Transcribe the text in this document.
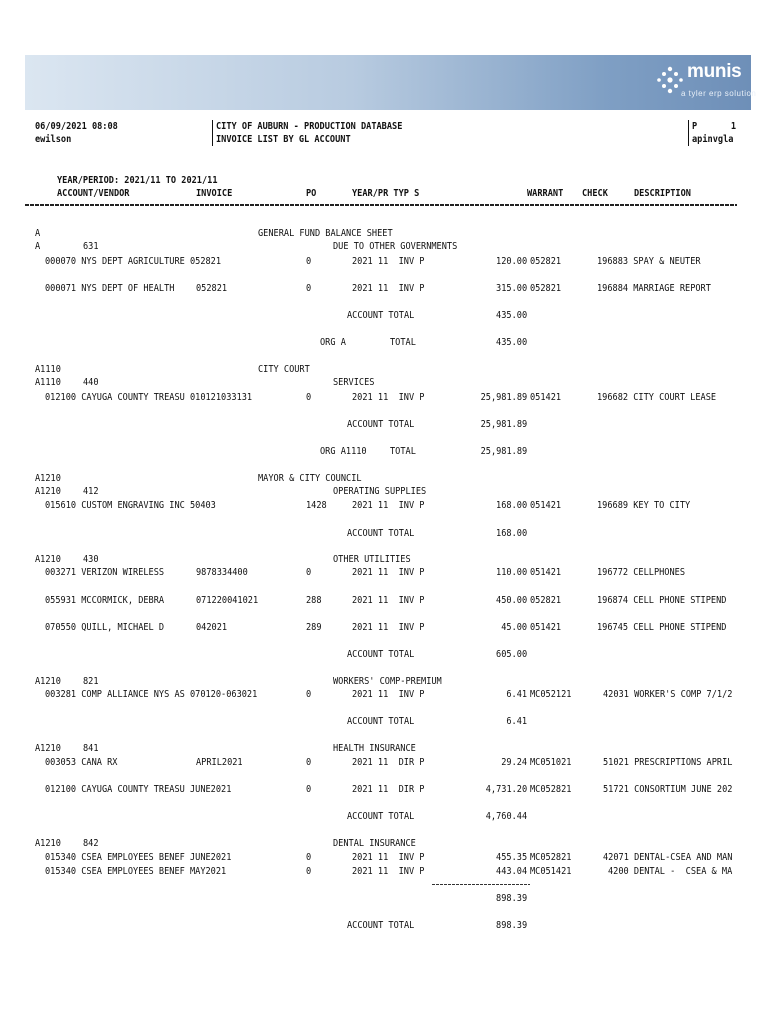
munis
a tyler erp solution
06/09/2021 08:08
ewilson
CITY OF AUBURN - PRODUCTION DATABASE
INVOICE LIST BY GL ACCOUNT
P	1
apinvgla
YEAR/PERIOD: 2021/11 TO 2021/11
ACCOUNT/VENDOR	INVOICE	PO	YEAR/PR TYP S	WARRANT CHECK	DESCRIPTION
A	GENERAL FUND BALANCE SHEET
A	631	DUE TO OTHER GOVERNMENTS
000070 NYS DEPT AGRICULTURE 052821	0	2021 11  INV P	120.00 052821	196883 SPAY & NEUTER
000071 NYS DEPT OF HEALTH 052821	0	2021 11  INV P	315.00 052821	196884 MARRIAGE REPORT
ACCOUNT TOTAL	435.00
ORG A	TOTAL	435.00
A1110	CITY COURT
A1110 440	SERVICES
012100 CAYUGA COUNTY TREASU 010121033131	0	2021 11  INV P	25,981.89 051421	196682 CITY COURT LEASE
ACCOUNT TOTAL	25,981.89
ORG A1110 TOTAL	25,981.89
A1210	MAYOR & CITY COUNCIL
A1210 412	OPERATING SUPPLIES
015610 CUSTOM ENGRAVING INC 50403	1428	2021 11  INV P	168.00 051421	196689 KEY TO CITY
ACCOUNT TOTAL	168.00
A1210 430	OTHER UTILITIES
003271 VERIZON WIRELESS	9878334400	0	2021 11  INV P	110.00 051421	196772 CELLPHONES
055931 MCCORMICK, DEBRA	071220041021	288	2021 11  INV P	450.00 052821	196874 CELL PHONE STIPEND
070550 QUILL, MICHAEL D	042021	289	2021 11  INV P	45.00 051421	196745 CELL PHONE STIPEND
ACCOUNT TOTAL	605.00
A1210 821	WORKERS' COMP-PREMIUM
003281 COMP ALLIANCE NYS AS 070120-063021	0	2021 11  INV P	6.41 MC052121	42031 WORKER'S COMP 7/1/2
ACCOUNT TOTAL	6.41
A1210 841	HEALTH INSURANCE
003053 CANA RX	APRIL2021	0	2021 11  DIR P	29.24 MC051021	51021 PRESCRIPTIONS APRIL
012100 CAYUGA COUNTY TREASU JUNE2021	0	2021 11  DIR P	4,731.20 MC052821	51721 CONSORTIUM JUNE 202
ACCOUNT TOTAL	4,760.44
A1210 842	DENTAL INSURANCE
015340 CSEA EMPLOYEES BENEF JUNE2021	0	2021 11  INV P	455.35 MC052821	42071 DENTAL-CSEA AND MAN
015340 CSEA EMPLOYEES BENEF MAY2021	0	2021 11  INV P	443.04 MC051421	4200 DENTAL -  CSEA & MA
898.39
ACCOUNT TOTAL	898.39
